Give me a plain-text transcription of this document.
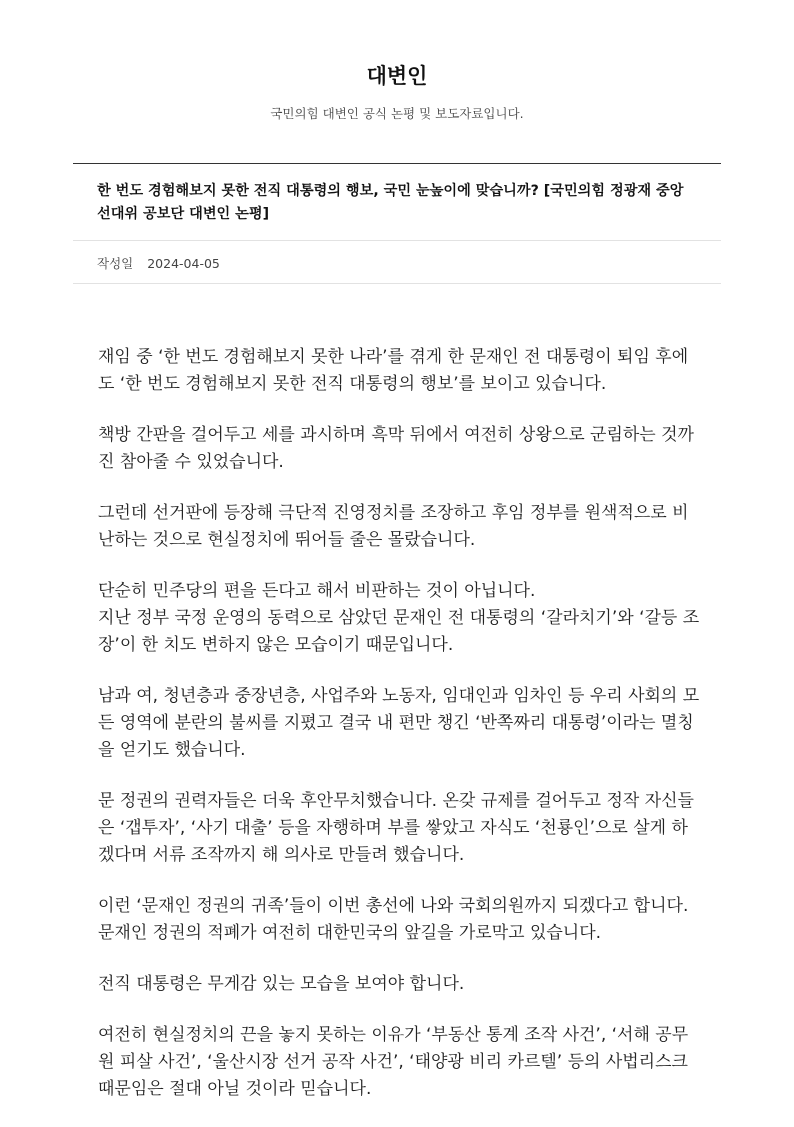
대변인

국민의힘 대변인 공식 논평 및 보도자료입니다.

한 번도 경험해보지 못한 전직 대통령의 행보, 국민 눈높이에 맞습니까? [국민의힘 정광재 중앙선대위 공보단 대변인 논평]
작성일 2024-04-05

재임 중 ‘한 번도 경험해보지 못한 나라’를 겪게 한 문재인 전 대통령이 퇴임 후에도 ‘한 번도 경험해보지 못한 전직 대통령의 행보’를 보이고 있습니다.

책방 간판을 걸어두고 세를 과시하며 흑막 뒤에서 여전히 상왕으로 군림하는 것까진 참아줄 수 있었습니다.

그런데 선거판에 등장해 극단적 진영정치를 조장하고 후임 정부를 원색적으로 비난하는 것으로 현실정치에 뛰어들 줄은 몰랐습니다.

단순히 민주당의 편을 든다고 해서 비판하는 것이 아닙니다.
지난 정부 국정 운영의 동력으로 삼았던 문재인 전 대통령의 ‘갈라치기’와 ‘갈등 조장’이 한 치도 변하지 않은 모습이기 때문입니다.

남과 여, 청년층과 중장년층, 사업주와 노동자, 임대인과 임차인 등 우리 사회의 모든 영역에 분란의 불씨를 지폈고 결국 내 편만 챙긴 ‘반쪽짜리 대통령’이라는 멸칭을 얻기도 했습니다.

문 정권의 권력자들은 더욱 후안무치했습니다. 온갖 규제를 걸어두고 정작 자신들은 ‘갭투자’, ‘사기 대출’ 등을 자행하며 부를 쌓았고 자식도 ‘천룡인’으로 살게 하겠다며 서류 조작까지 해 의사로 만들려 했습니다.

이런 ‘문재인 정권의 귀족’들이 이번 총선에 나와 국회의원까지 되겠다고 합니다. 문재인 정권의 적폐가 여전히 대한민국의 앞길을 가로막고 있습니다.

전직 대통령은 무게감 있는 모습을 보여야 합니다.

여전히 현실정치의 끈을 놓지 못하는 이유가 ‘부동산 통계 조작 사건’, ‘서해 공무원 피살 사건’, ‘울산시장 선거 공작 사건’, ‘태양광 비리 카르텔’ 등의 사법리스크 때문임은 절대 아닐 것이라 믿습니다.
